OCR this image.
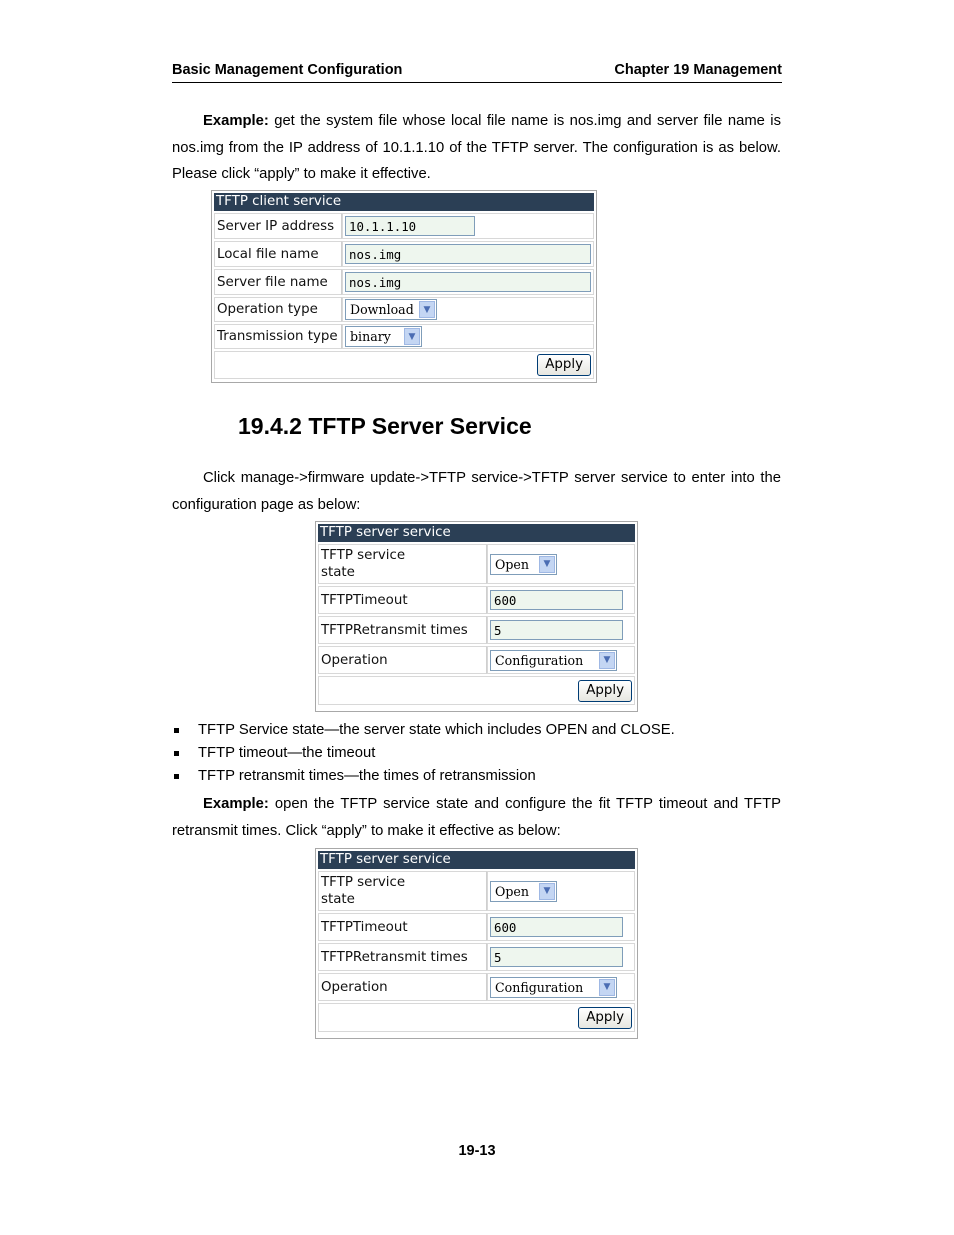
Basic Management Configuration	Chapter 19 Management

Example: get the system file whose local file name is nos.img and server file name is nos.img from the IP address of 10.1.1.10 of the TFTP server. The configuration is as below. Please click “apply” to make it effective.

TFTP client service
Server IP address	10.1.1.10
Local file name	nos.img
Server file name	nos.img
Operation type	Download ▼

Transmission type	binary ▼

Apply	
19.4.2 TFTP Server Service

Click manage->firmware update->TFTP service->TFTP server service to enter into the configuration page as below:

TFTP server service
TFTP service state	Open ▼

TFTPTimeout	600
TFTPRetransmit times	5
Operation	Configuration ▼

Apply	
TFTP Service state—the server state which includes OPEN and CLOSE.
TFTP timeout—the timeout
TFTP retransmit times—the times of retransmission

Example: open the TFTP service state and configure the fit TFTP timeout and TFTP retransmit times. Click “apply” to make it effective as below:

TFTP server service
TFTP service state	Open ▼

TFTPTimeout	600
TFTPRetransmit times	5
Operation	Configuration ▼

Apply	
19-13
